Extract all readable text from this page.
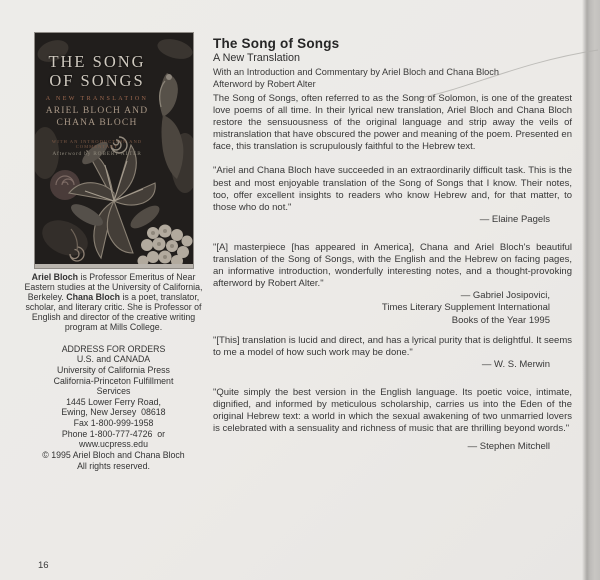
THE SONG
OF SONGS
A NEW TRANSLATION
ARIEL BLOCH AND
CHANA BLOCH
WITH AN INTRODUCTION AND COMMENTARY
Afterword by ROBERT ALTER

Ariel Bloch is Professor Emeritus of Near Eastern studies at the University of California, Berkeley. Chana Bloch is a poet, translator, scholar, and literary critic. She is Professor of English and director of the creative writing program at Mills College.

ADDRESS FOR ORDERS
U.S. and CANADA
University of California Press
California-Princeton Fulfillment
Services
1445 Lower Ferry Road,
Ewing, New Jersey  08618
Fax 1-800-999-1958
Phone 1-800-777-4726  or
www.ucpress.edu
© 1995 Ariel Bloch and Chana Bloch
All rights reserved.
The Song of Songs
A New Translation
With an Introduction and Commentary by Ariel Bloch and Chana Bloch
Afterword by Robert Alter

The Song of Songs, often referred to as the Song of Solomon, is one of the greatest love poems of all time. In their lyrical new translation, Ariel Bloch and Chana Bloch restore the sensuousness of the original language and strip away the veils of mistranslation that have obscured the power and meaning of the poem. Presented en face, this translation is scrupulously faithful to the Hebrew text.

"Ariel and Chana Bloch have succeeded in an extraordinarily difficult task. This is the best and most enjoyable translation of the Song of Songs that I know. Their notes, too, offer excellent insights to readers who know Hebrew and, for that matter, to those who do not."

— Elaine Pagels

"[A] masterpiece [has appeared in America], Chana and Ariel Bloch's beautiful translation of the Song of Songs, with the English and the Hebrew on facing pages, an informative introduction, wonderfully interesting notes, and a thought-provoking afterword by Robert Alter."

— Gabriel Josipovici,
Times Literary Supplement International
Books of the Year 1995

"[This] translation is lucid and direct, and has a lyrical purity that is delightful. It seems to me a model of how such work may be done."

— W. S. Merwin

"Quite simply the best version in the English language. Its poetic voice, intimate, dignified, and informed by meticulous scholarship, carries us into the Eden of the original Hebrew text: a world in which the sexual awakening of two unmarried lovers is celebrated with a sensuality and richness of music that are thrilling beyond words."

— Stephen Mitchell
16
